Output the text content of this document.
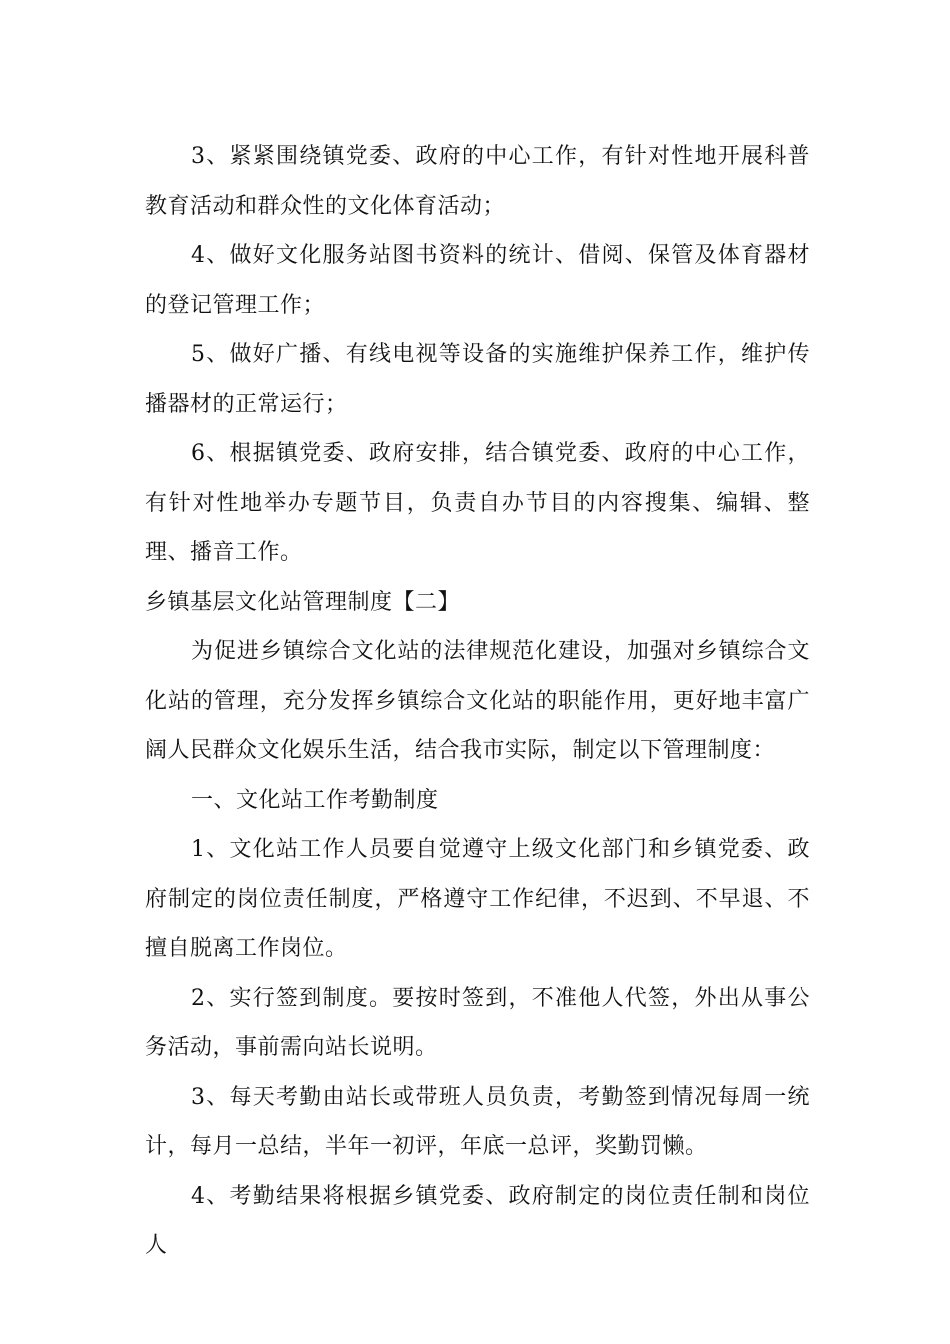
3、紧紧围绕镇党委、政府的中心工作，有针对性地开展科普教育活动和群众性的文化体育活动；

4、做好文化服务站图书资料的统计、借阅、保管及体育器材的登记管理工作；

5、做好广播、有线电视等设备的实施维护保养工作，维护传播器材的正常运行；

6、根据镇党委、政府安排，结合镇党委、政府的中心工作，有针对性地举办专题节目，负责自办节目的内容搜集、编辑、整理、播音工作。

乡镇基层文化站管理制度【二】

为促进乡镇综合文化站的法律规范化建设，加强对乡镇综合文化站的管理，充分发挥乡镇综合文化站的职能作用，更好地丰富广阔人民群众文化娱乐生活，结合我市实际，制定以下管理制度：

一、文化站工作考勤制度

1、文化站工作人员要自觉遵守上级文化部门和乡镇党委、政府制定的岗位责任制度，严格遵守工作纪律，不迟到、不早退、不擅自脱离工作岗位。

2、实行签到制度。要按时签到，不准他人代签，外出从事公务活动，事前需向站长说明。

3、每天考勤由站长或带班人员负责，考勤签到情况每周一统计，每月一总结，半年一初评，年底一总评，奖勤罚懒。

4、考勤结果将根据乡镇党委、政府制定的岗位责任制和岗位人
